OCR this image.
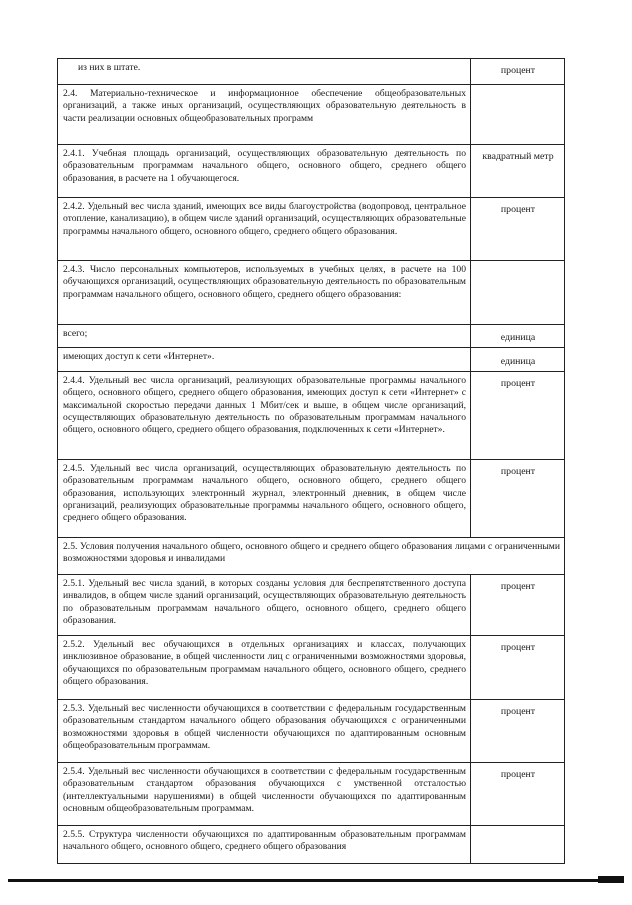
из них в штате.	процент
2.4. Материально-техническое и информационное обеспечение общеобразовательных организаций, а также иных организаций, осуществляющих образовательную деятельность в части реализации основных общеобразовательных программ	
2.4.1. Учебная площадь организаций, осуществляющих образовательную деятельность по образовательным программам начального общего, основного общего, среднего общего образования, в расчете на 1 обучающегося.	квадратный метр
2.4.2. Удельный вес числа зданий, имеющих все виды благоустройства (водопровод, центральное отопление, канализацию), в общем числе зданий организаций, осуществляющих образовательные программы начального общего, основного общего, среднего общего образования.	процент
2.4.3. Число персональных компьютеров, используемых в учебных целях, в расчете на 100 обучающихся организаций, осуществляющих образовательную деятельность по образовательным программам начального общего, основного общего, среднего общего образования:	
всего;	единица
имеющих доступ к сети «Интернет».	единица
2.4.4. Удельный вес числа организаций, реализующих образовательные программы начального общего, основного общего, среднего общего образования, имеющих доступ к сети «Интернет» с максимальной скоростью передачи данных 1 Мбит/сек и выше, в общем числе организаций, осуществляющих образовательную деятельность по образовательным программам начального общего, основного общего, среднего общего образования, подключенных к сети «Интернет».	процент
2.4.5. Удельный вес числа организаций, осуществляющих образовательную деятельность по образовательным программам начального общего, основного общего, среднего общего образования, использующих электронный журнал, электронный дневник, в общем числе организаций, реализующих образовательные программы начального общего, основного общего, среднего общего образования.	процент
2.5. Условия получения начального общего, основного общего и среднего общего образования лицами с ограниченными возможностями здоровья и инвалидами	
2.5.1. Удельный вес числа зданий, в которых созданы условия для беспрепятственного доступа инвалидов, в общем числе зданий организаций, осуществляющих образовательную деятельность по образовательным программам начального общего, основного общего, среднего общего образования.	процент
2.5.2. Удельный вес обучающихся в отдельных организациях и классах, получающих инклюзивное образование, в общей численности лиц с ограниченными возможностями здоровья, обучающихся по образовательным программам начального общего, основного общего, среднего общего образования.	процент
2.5.3. Удельный вес численности обучающихся в соответствии с федеральным государственным образовательным стандартом начального общего образования обучающихся с ограниченными возможностями здоровья в общей численности обучающихся по адаптированным основным общеобразовательным программам.	процент
2.5.4. Удельный вес численности обучающихся в соответствии с федеральным государственным образовательным стандартом образования обучающихся с умственной отсталостью (интеллектуальными нарушениями) в общей численности обучающихся по адаптированным основным общеобразовательным программам.	процент
2.5.5. Структура численности обучающихся по адаптированным образовательным программам начального общего, основного общего, среднего общего образования	
